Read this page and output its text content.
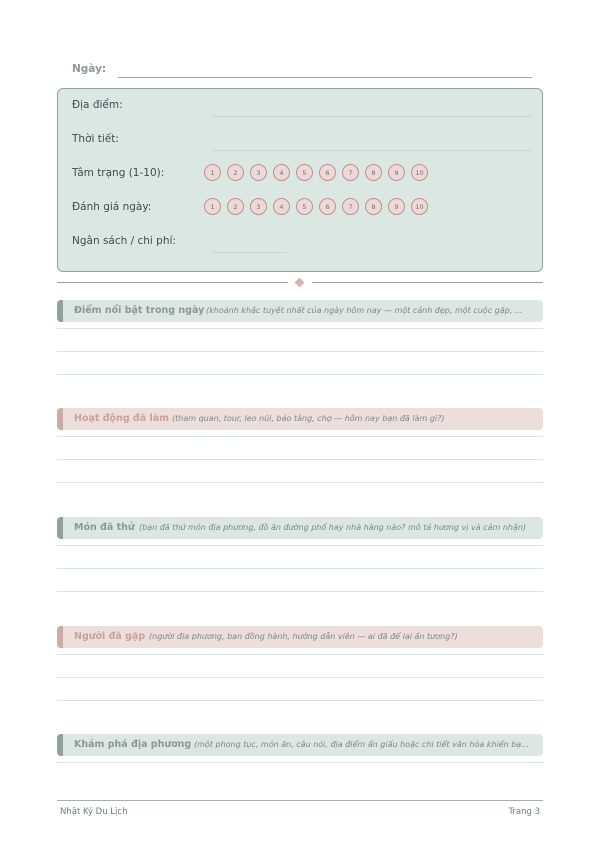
Ngày:
Địa điểm:
Thời tiết:
Tâm trạng (1-10):	1	2	3	4	5	6	7	8	9	10
Đánh giá ngày:	1	2	3	4	5	6	7	8	9	10
Ngân sách / chi phí:
Điểm nổi bật trong ngày (khoảnh khắc tuyệt nhất của ngày hôm nay — một cảnh đẹp, một cuộc gặp, ...
Hoạt động đã làm (tham quan, tour, leo núi, bảo tàng, chợ — hôm nay bạn đã làm gì?)
Món đã thử (bạn đã thử món địa phương, đồ ăn đường phố hay nhà hàng nào? mô tả hương vị và cảm nhận)
Người đã gặp (người địa phương, bạn đồng hành, hướng dẫn viên — ai đã để lại ấn tượng?)
Khám phá địa phương (một phong tục, món ăn, câu nói, địa điểm ẩn giấu hoặc chi tiết văn hóa khiến bạ...
Nhật Ký Du Lịch	Trang 3
